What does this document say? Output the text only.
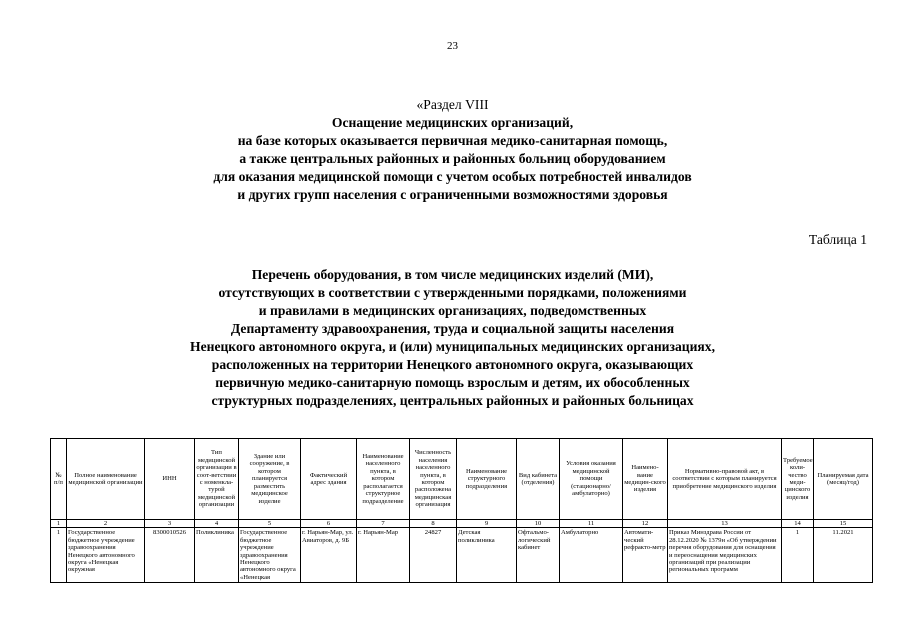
23
«Раздел VIII
Оснащение медицинских организаций,
на базе которых оказывается первичная медико-санитарная помощь,
а также центральных районных и районных больниц оборудованием
для оказания медицинской помощи с учетом особых потребностей инвалидов
и других групп населения с ограниченными возможностями здоровья
Таблица 1
Перечень оборудования, в том числе медицинских изделий (МИ),
отсутствующих в соответствии с утвержденными порядками, положениями
и правилами в медицинских организациях, подведомственных
Департаменту здравоохранения, труда и социальной защиты населения
Ненецкого автономного округа, и (или) муниципальных медицинских организациях,
расположенных на территории Ненецкого автономного округа, оказывающих
первичную медико-санитарную помощь взрослым и детям, их обособленных
структурных подразделениях, центральных районных и районных больницах
№ п/п	Полное наименование медицинской организации	ИНН	Тип медицинской организации в соот-ветствии с номенкла-турой медицинской организации	Здание или сооружение, в котором планируется разместить медицинское изделие	Фактический адрес здания	Наименование населенного пункта, в котором располагается структурное подразделение	Численность населения населенного пункта, в котором расположена медицинская организация	Наименование структурного подразделения	Вид кабинета (отделения)	Условия оказания медицинской помощи (стационарно/ амбулаторно)	Наимено-вание медицин-ского изделия	Нормативно-правовой акт, в соответствии с которым планируется приобретение медицинского изделия	Требуемое коли-чество меди-цинского изделия	Планируемая дата (месяц/год)
1	2	3	4	5	6	7	8	9	10	11	12	13	14	15
1	Государственное бюджетное учреждение здравоохранения Ненецкого автономного округа «Ненецкая окружная	8300010526	Поликлиника	Государственное бюджетное учреждение здравоохранения Ненецкого автономного округа «Ненецкая	г. Нарьян-Мар, ул. Авиаторов, д. 9Б	г. Нарьян-Мар	24827	Детская поликлиника	Офтальмо-логический кабинет	Амбулаторно	Автомати-ческий рефракто-метр	Приказ Минздрава России от 28.12.2020 № 1379н «Об утверждении перечня оборудования для оснащения и переоснащения медицинских организаций при реализации региональных программ	1	11.2021
